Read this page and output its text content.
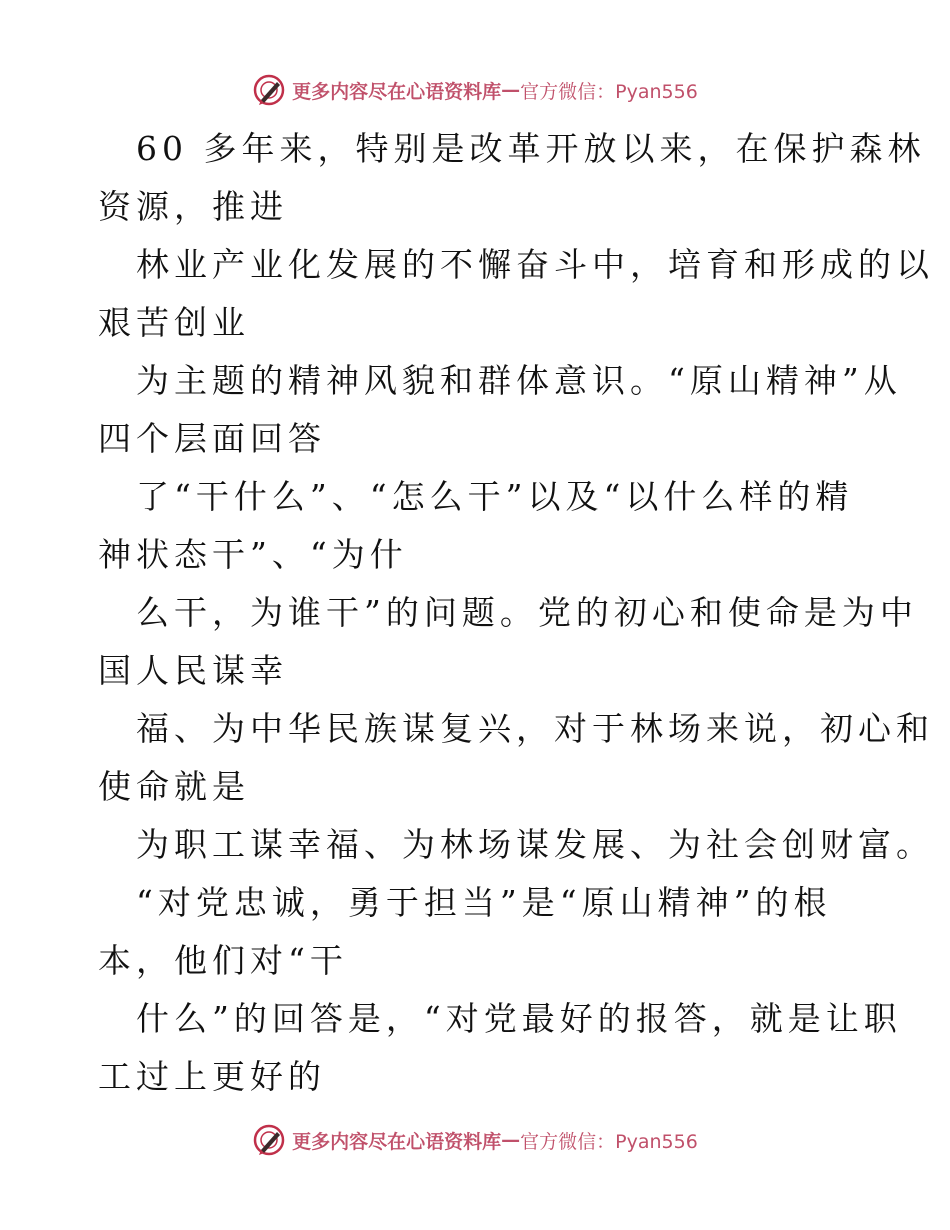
更多内容尽在心语资料库 — 官方微信：Pyan556
60 多年来，特别是改革开放以来，在保护森林
资源，推进
林业产业化发展的不懈奋斗中，培育和形成的以
艰苦创业
为主题的精神风貌和群体意识。“原山精神”从
四个层面回答
了“干什么”、“怎么干”以及“以什么样的精
神状态干”、“为什
么干，为谁干”的问题。党的初心和使命是为中
国人民谋幸
福、为中华民族谋复兴，对于林场来说，初心和
使命就是
为职工谋幸福、为林场谋发展、为社会创财富。
“对党忠诚，勇于担当”是“原山精神”的根
本，他们对“干
什么”的回答是，“对党最好的报答，就是让职
工过上更好的
更多内容尽在心语资料库 — 官方微信：Pyan556
